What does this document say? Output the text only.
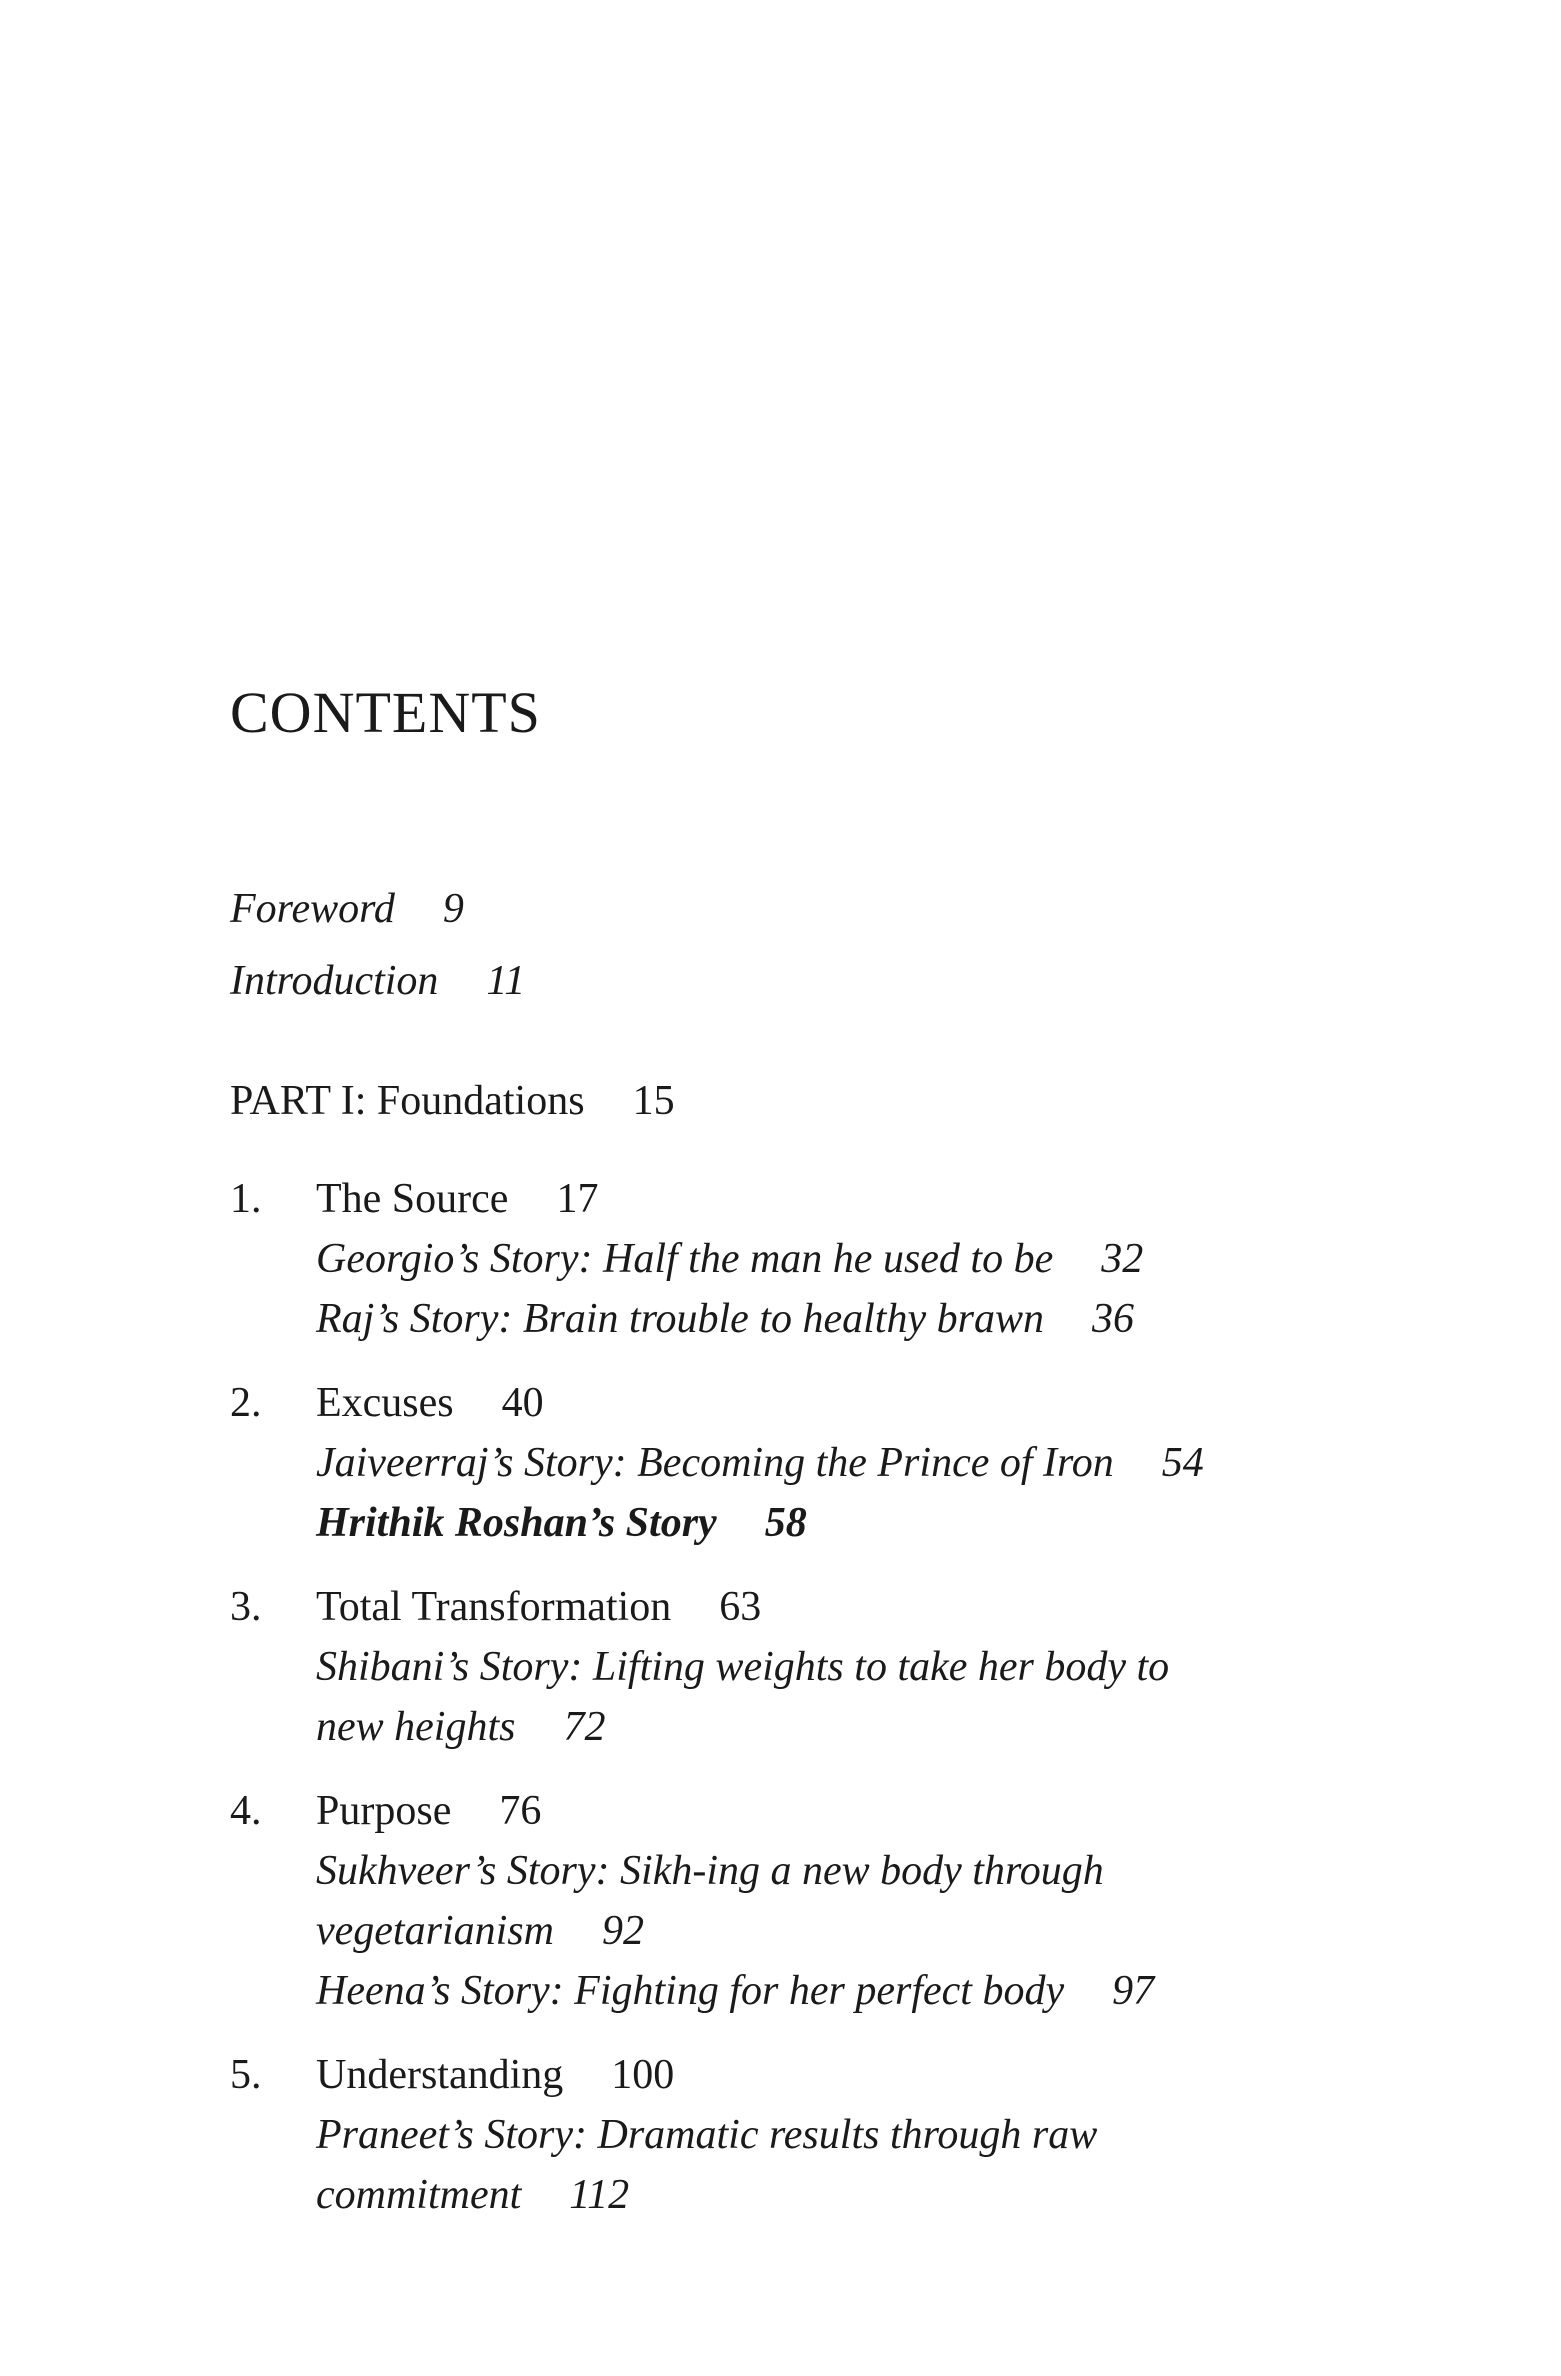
CONTENTS
Foreword 9
Introduction 11
PART I: Foundations 15
1. The Source 17
Georgio’s Story: Half the man he used to be 32
Raj’s Story: Brain trouble to healthy brawn 36
2. Excuses 40
Jaiveerraj’s Story: Becoming the Prince of Iron 54
Hrithik Roshan’s Story 58
3. Total Transformation 63
Shibani’s Story: Lifting weights to take her body to
new heights 72
4. Purpose 76
Sukhveer’s Story: Sikh-ing a new body through
vegetarianism 92
Heena’s Story: Fighting for her perfect body 97
5. Understanding 100
Praneet’s Story: Dramatic results through raw
commitment 112
